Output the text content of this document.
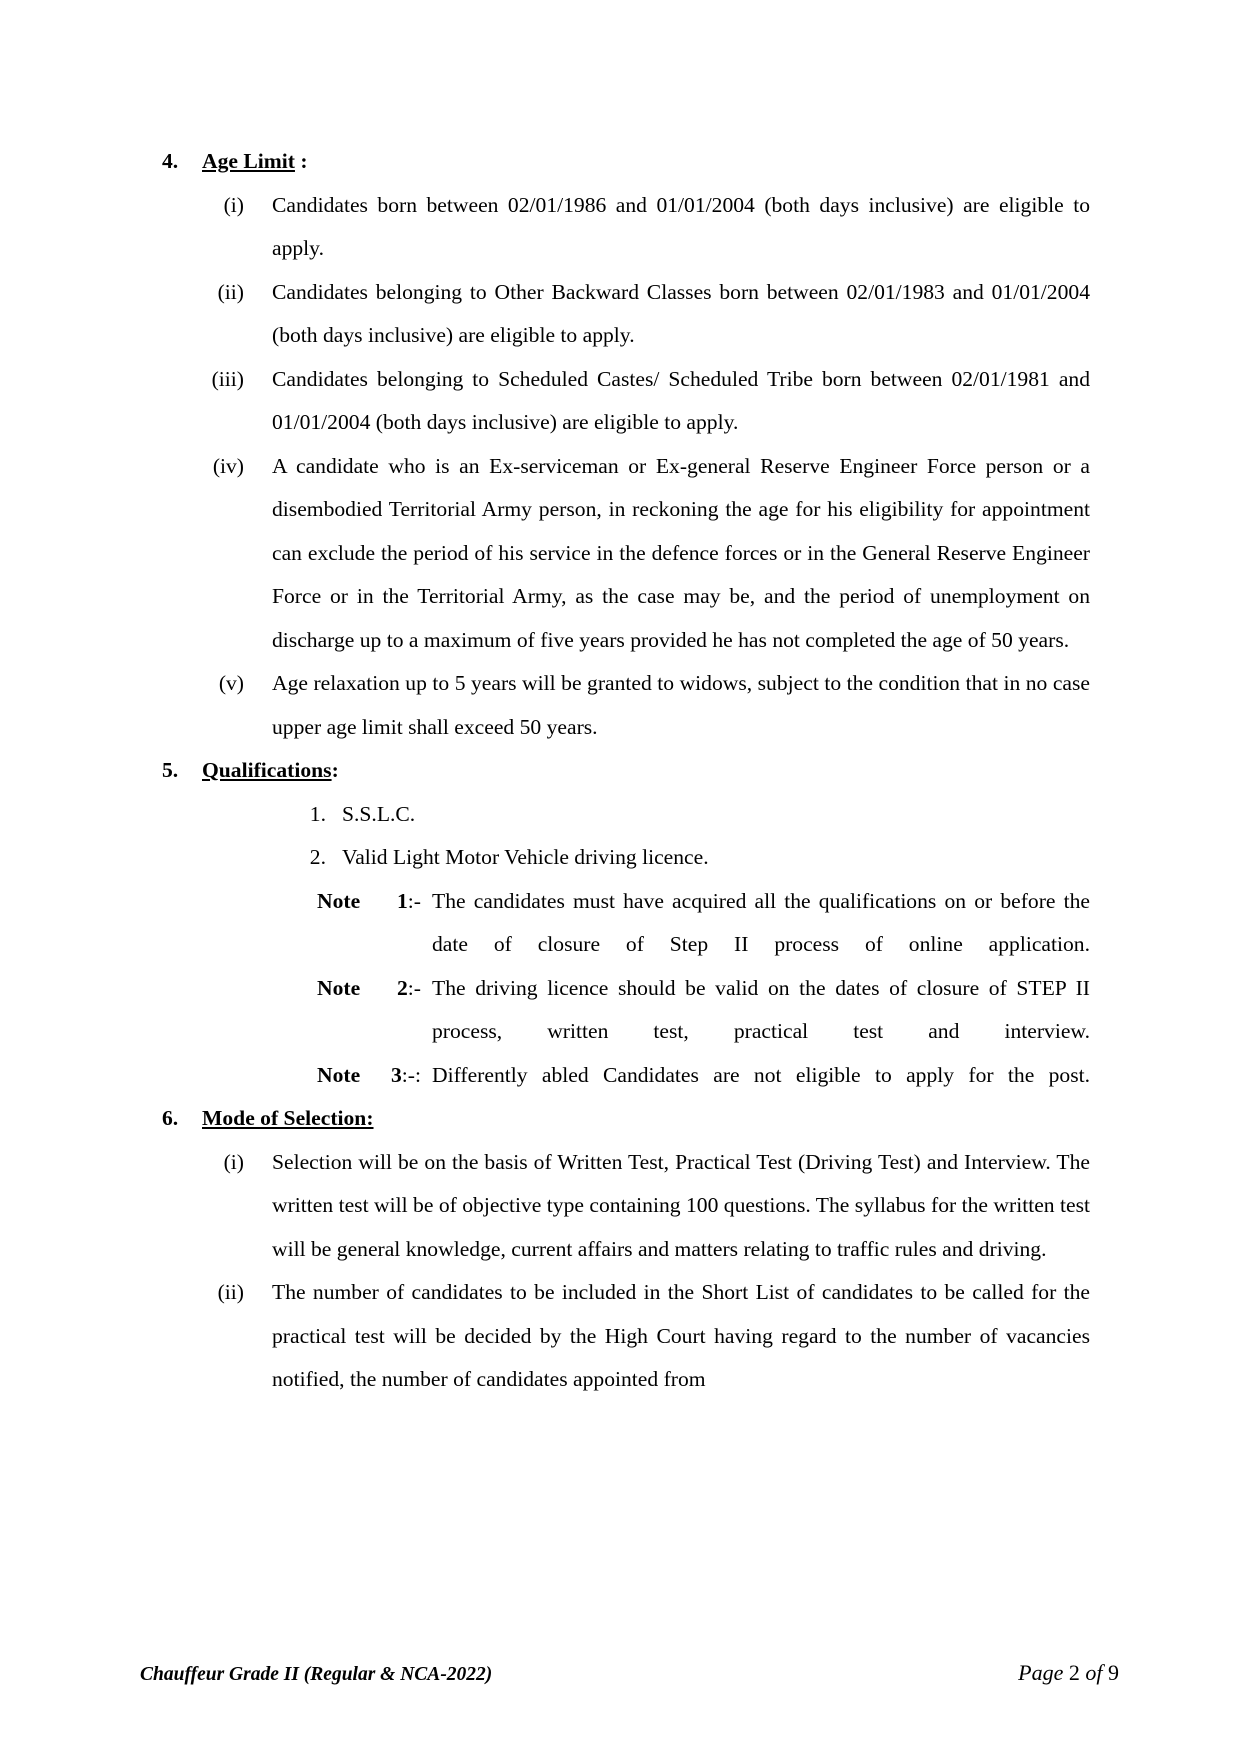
4. Age Limit :
(i) Candidates born between 02/01/1986 and 01/01/2004 (both days inclusive) are eligible to apply.
(ii) Candidates belonging to Other Backward Classes born between 02/01/1983 and 01/01/2004 (both days inclusive) are eligible to apply.
(iii) Candidates belonging to Scheduled Castes/ Scheduled Tribe born between 02/01/1981 and 01/01/2004 (both days inclusive) are eligible to apply.
(iv) A candidate who is an Ex-serviceman or Ex-general Reserve Engineer Force person or a disembodied Territorial Army person, in reckoning the age for his eligibility for appointment can exclude the period of his service in the defence forces or in the General Reserve Engineer Force or in the Territorial Army, as the case may be, and the period of unemployment on discharge up to a maximum of five years provided he has not completed the age of 50 years.
(v) Age relaxation up to 5 years will be granted to widows, subject to the condition that in no case upper age limit shall exceed 50 years.
5. Qualifications:
1. S.S.L.C.
2. Valid Light Motor Vehicle driving licence.
Note 1:- The candidates must have acquired all the qualifications on or before the date of closure of Step II process of online application.
Note 2:- The driving licence should be valid on the dates of closure of STEP II process, written test, practical test and interview.
Note 3:-: Differently abled Candidates are not eligible to apply for the post.
6. Mode of Selection:
(i) Selection will be on the basis of Written Test, Practical Test (Driving Test) and Interview. The written test will be of objective type containing 100 questions. The syllabus for the written test will be general knowledge, current affairs and matters relating to traffic rules and driving.
(ii) The number of candidates to be included in the Short List of candidates to be called for the practical test will be decided by the High Court having regard to the number of vacancies notified, the number of candidates appointed from
Chauffeur Grade II (Regular & NCA-2022)	Page 2 of 9
